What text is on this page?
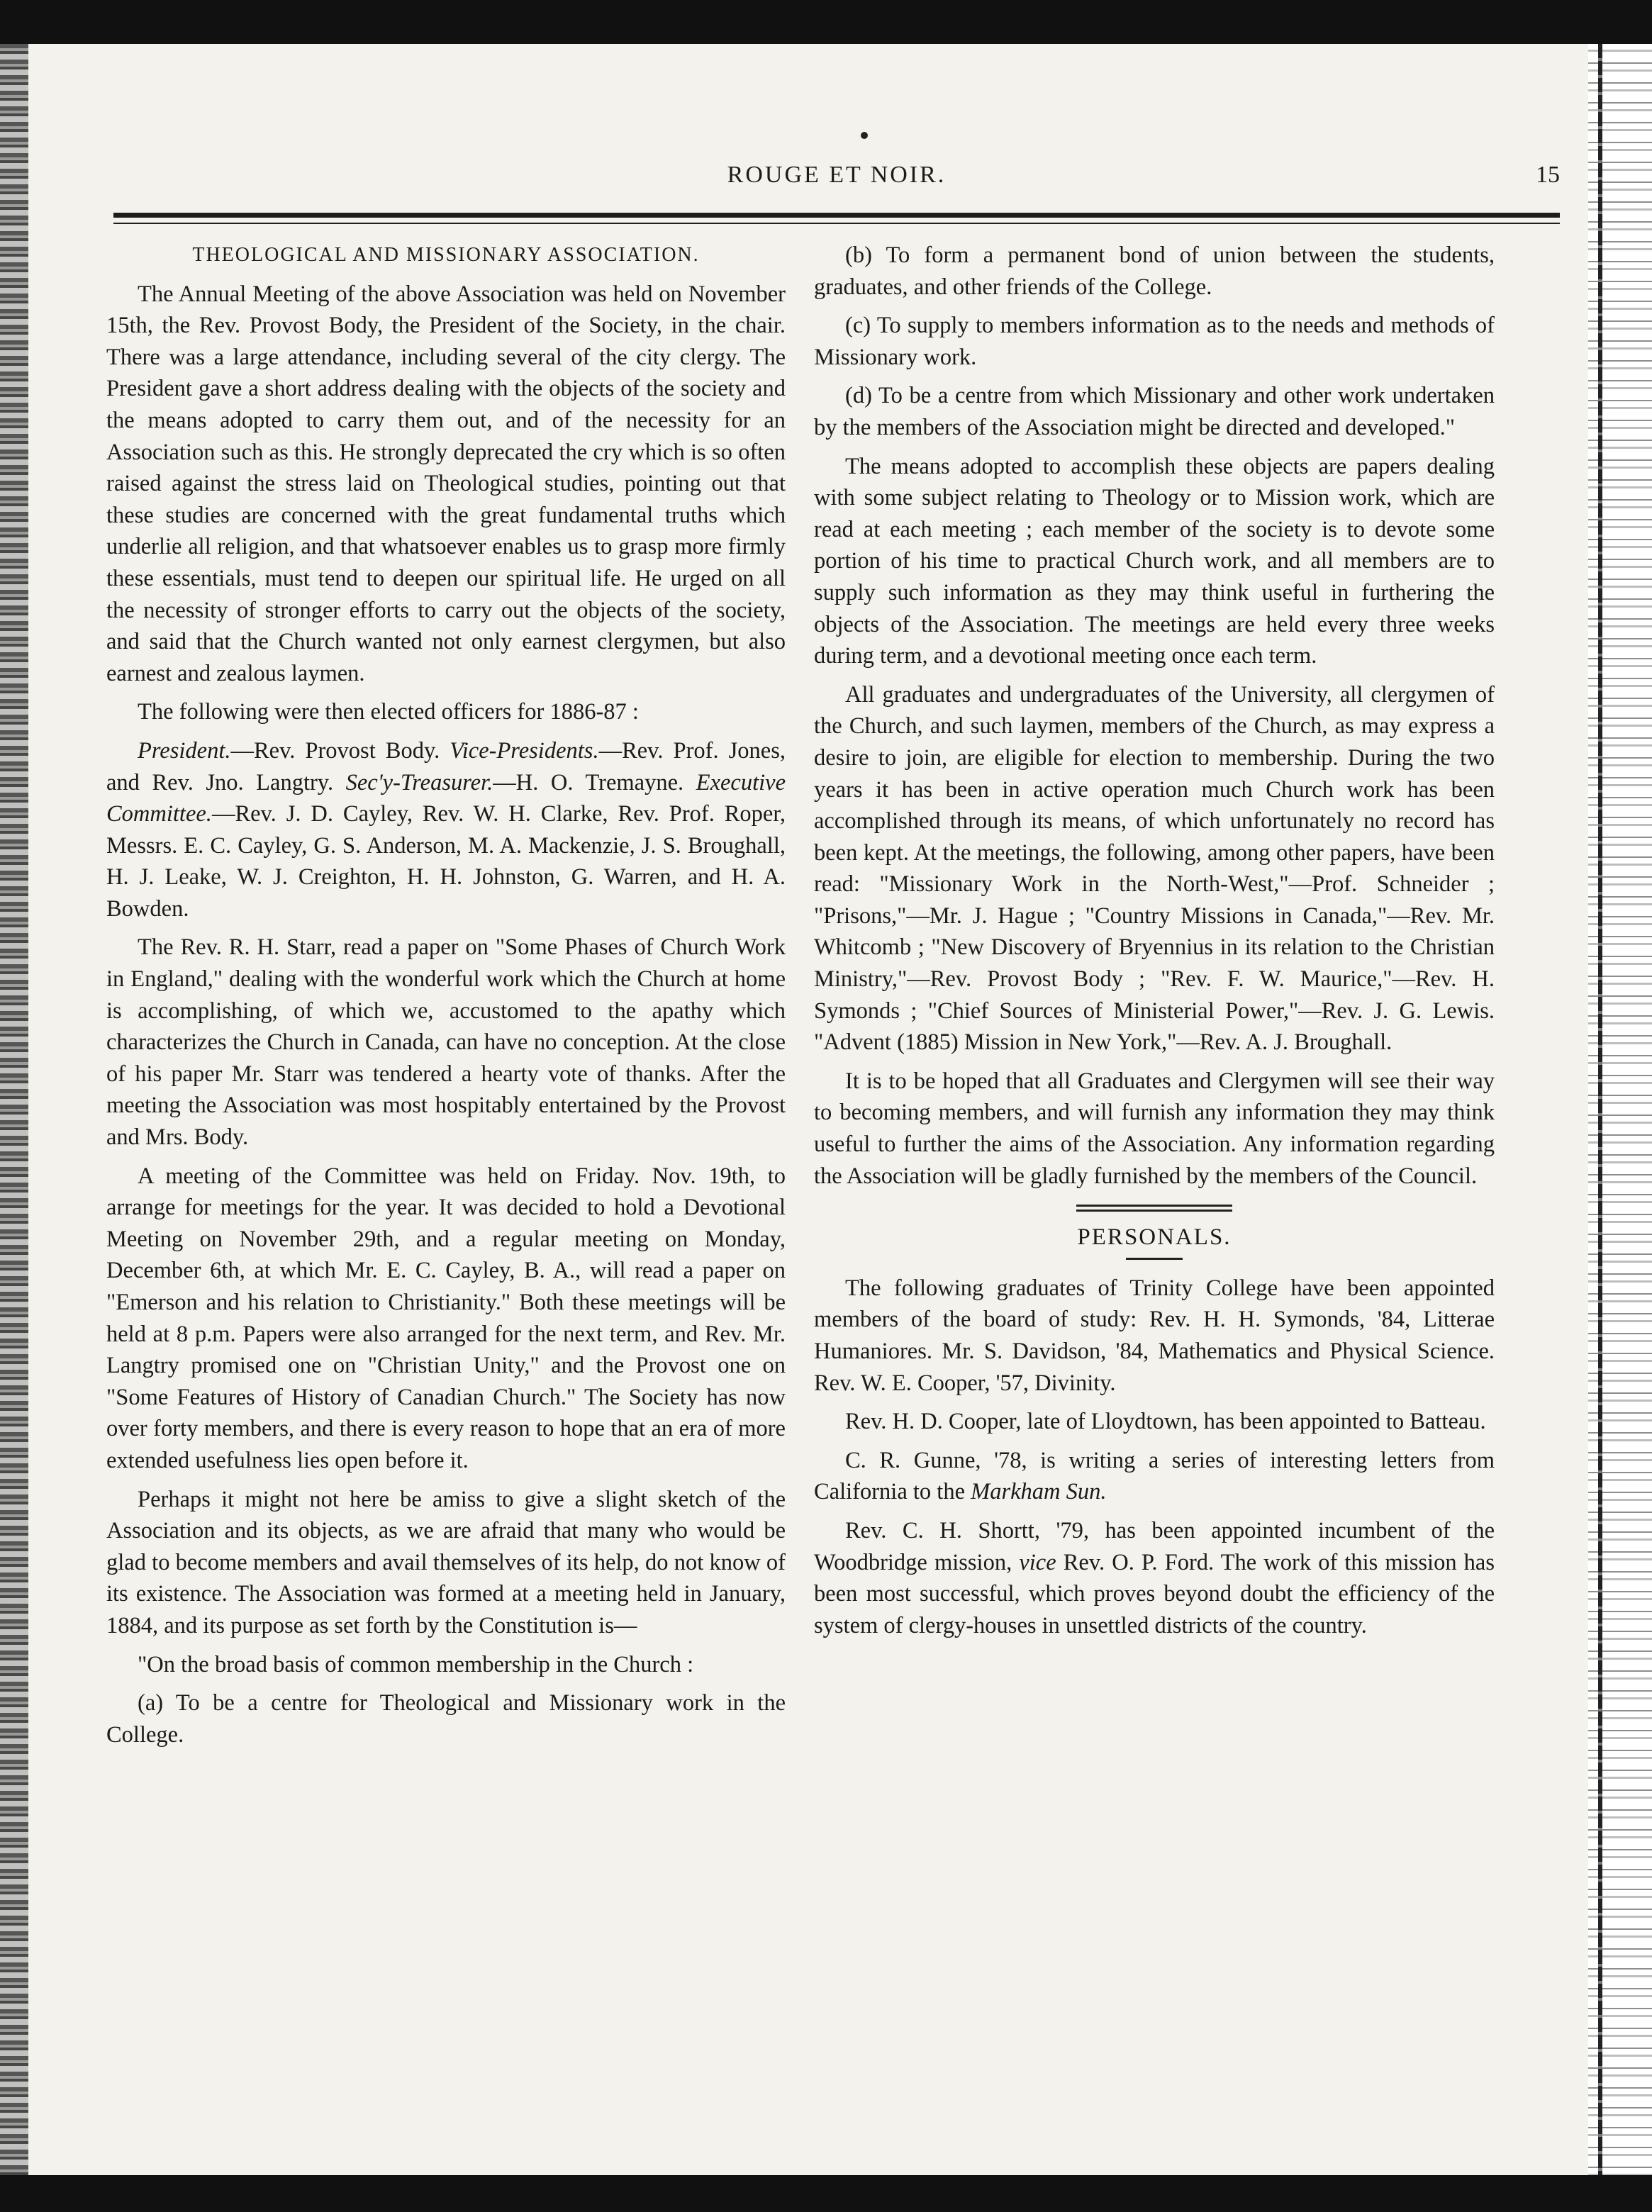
ROUGE ET NOIR.	15
THEOLOGICAL AND MISSIONARY ASSOCIATION.

The Annual Meeting of the above Association was held on November 15th, the Rev. Provost Body, the President of the Society, in the chair. There was a large attendance, including several of the city clergy. The President gave a short address dealing with the objects of the society and the means adopted to carry them out, and of the necessity for an Association such as this. He strongly deprecated the cry which is so often raised against the stress laid on Theological studies, pointing out that these studies are concerned with the great fundamental truths which underlie all religion, and that whatsoever enables us to grasp more firmly these essentials, must tend to deepen our spiritual life. He urged on all the necessity of stronger efforts to carry out the objects of the society, and said that the Church wanted not only earnest clergymen, but also earnest and zealous laymen.

The following were then elected officers for 1886-87 :

President.—Rev. Provost Body. Vice-Presidents.—Rev. Prof. Jones, and Rev. Jno. Langtry. Sec'y-Treasurer.—H. O. Tremayne. Executive Committee.—Rev. J. D. Cayley, Rev. W. H. Clarke, Rev. Prof. Roper, Messrs. E. C. Cayley, G. S. Anderson, M. A. Mackenzie, J. S. Broughall, H. J. Leake, W. J. Creighton, H. H. Johnston, G. Warren, and H. A. Bowden.

The Rev. R. H. Starr, read a paper on "Some Phases of Church Work in England," dealing with the wonderful work which the Church at home is accomplishing, of which we, accustomed to the apathy which characterizes the Church in Canada, can have no conception. At the close of his paper Mr. Starr was tendered a hearty vote of thanks. After the meeting the Association was most hospitably entertained by the Provost and Mrs. Body.

A meeting of the Committee was held on Friday. Nov. 19th, to arrange for meetings for the year. It was decided to hold a Devotional Meeting on November 29th, and a regular meeting on Monday, December 6th, at which Mr. E. C. Cayley, B. A., will read a paper on "Emerson and his relation to Christianity." Both these meetings will be held at 8 p.m. Papers were also arranged for the next term, and Rev. Mr. Langtry promised one on "Christian Unity," and the Provost one on "Some Features of History of Canadian Church." The Society has now over forty members, and there is every reason to hope that an era of more extended usefulness lies open before it.

Perhaps it might not here be amiss to give a slight sketch of the Association and its objects, as we are afraid that many who would be glad to become members and avail themselves of its help, do not know of its existence. The Association was formed at a meeting held in January, 1884, and its purpose as set forth by the Constitution is—

"On the broad basis of common membership in the Church :

(a) To be a centre for Theological and Missionary work in the College.

(b) To form a permanent bond of union between the students, graduates, and other friends of the College.

(c) To supply to members information as to the needs and methods of Missionary work.

(d) To be a centre from which Missionary and other work undertaken by the members of the Association might be directed and developed."

The means adopted to accomplish these objects are papers dealing with some subject relating to Theology or to Mission work, which are read at each meeting ; each member of the society is to devote some portion of his time to practical Church work, and all members are to supply such information as they may think useful in furthering the objects of the Association. The meetings are held every three weeks during term, and a devotional meeting once each term.

All graduates and undergraduates of the University, all clergymen of the Church, and such laymen, members of the Church, as may express a desire to join, are eligible for election to membership. During the two years it has been in active operation much Church work has been accomplished through its means, of which unfortunately no record has been kept. At the meetings, the following, among other papers, have been read: "Missionary Work in the North-West,"—Prof. Schneider ; "Prisons,"—Mr. J. Hague ; "Country Missions in Canada,"—Rev. Mr. Whitcomb ; "New Discovery of Bryennius in its relation to the Christian Ministry,"—Rev. Provost Body ; "Rev. F. W. Maurice,"—Rev. H. Symonds ; "Chief Sources of Ministerial Power,"—Rev. J. G. Lewis. "Advent (1885) Mission in New York,"—Rev. A. J. Broughall.

It is to be hoped that all Graduates and Clergymen will see their way to becoming members, and will furnish any information they may think useful to further the aims of the Association. Any information regarding the Association will be gladly furnished by the members of the Council.

PERSONALS.

The following graduates of Trinity College have been appointed members of the board of study: Rev. H. H. Symonds, '84, Litterae Humaniores. Mr. S. Davidson, '84, Mathematics and Physical Science. Rev. W. E. Cooper, '57, Divinity.

Rev. H. D. Cooper, late of Lloydtown, has been appointed to Batteau.

C. R. Gunne, '78, is writing a series of interesting letters from California to the Markham Sun.

Rev. C. H. Shortt, '79, has been appointed incumbent of the Woodbridge mission, vice Rev. O. P. Ford. The work of this mission has been most successful, which proves beyond doubt the efficiency of the system of clergy-houses in unsettled districts of the country.
